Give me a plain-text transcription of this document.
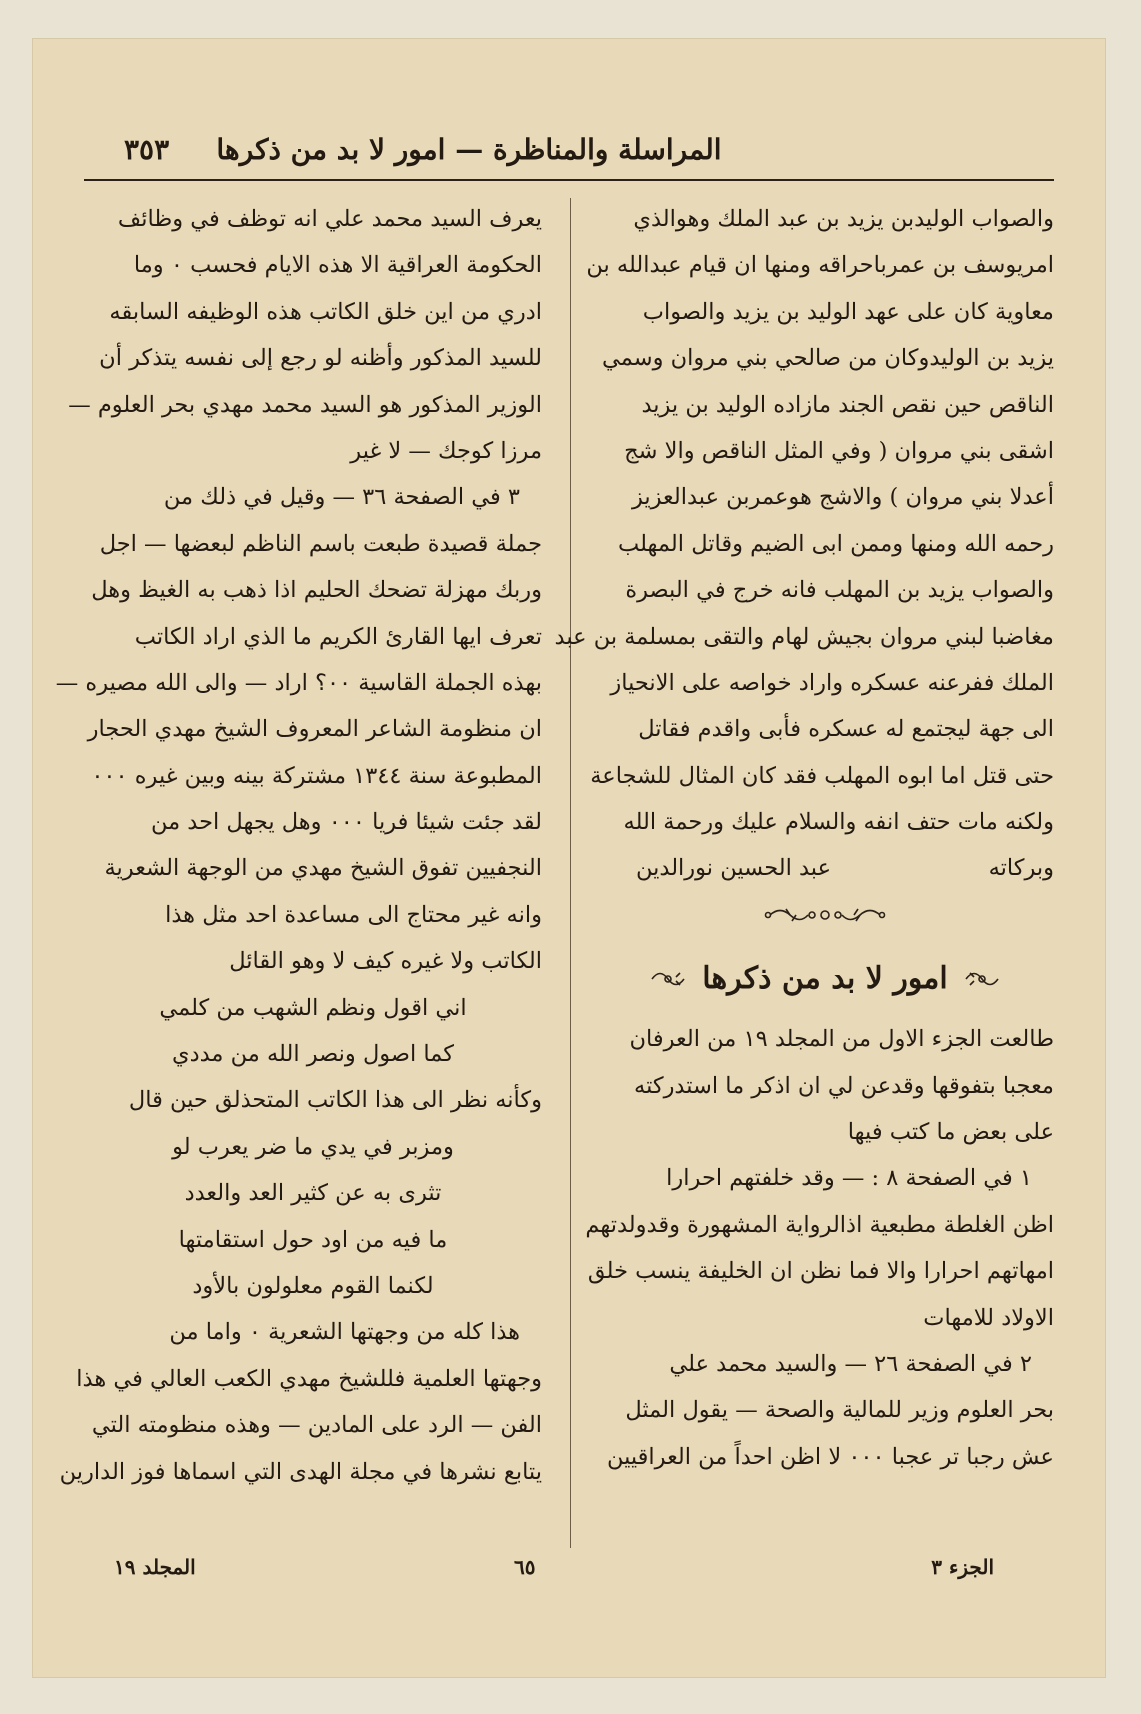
المراسلة والمناظرة — امور لا بد من ذكرها
٣٥٣
والصواب الوليدبن يزيد بن عبد الملك وهوالذي
امريوسف بن عمرباحراقه ومنها ان قيام عبدالله بن
معاوية كان على عهد الوليد بن يزيد والصواب
يزيد بن الوليدوكان من صالحي بني مروان وسمي
الناقص حين نقص الجند مازاده الوليد بن يزيد
اشقى بني مروان ( وفي المثل الناقص والا شج
أعدلا بني مروان ) والاشج هوعمربن عبدالعزيز
رحمه الله ومنها وممن ابى الضيم وقاتل المهلب
والصواب يزيد بن المهلب فانه خرج في البصرة
مغاضبا لبني مروان بجيش لهام والتقى بمسلمة بن عبد
الملك ففرعنه عسكره واراد خواصه على الانحياز
الى جهة ليجتمع له عسكره فأبى واقدم فقاتل
حتى قتل اما ابوه المهلب فقد كان المثال للشجاعة
ولكنه مات حتف انفه والسلام عليك ورحمة الله
وبركاته
عبد الحسين نورالدين
امور لا بد من ذكرها
طالعت الجزء الاول من المجلد ١٩ من العرفان
معجبا بتفوقها وقدعن لي ان اذكر ما استدركته
على بعض ما كتب فيها
١ في الصفحة ٨ : — وقد خلفتهم احرارا
اظن الغلطة مطبعية اذالرواية المشهورة وقدولدتهم
امهاتهم احرارا والا فما نظن ان الخليفة ينسب خلق
الاولاد للامهات
٢ في الصفحة ٢٦ — والسيد محمد علي
بحر العلوم وزير للمالية والصحة — يقول المثل
عش رجبا تر عجبا ٠٠٠ لا اظن احداً من العراقيين
يعرف السيد محمد علي انه توظف في وظائف
الحكومة العراقية الا هذه الايام فحسب ٠ وما
ادري من اين خلق الكاتب هذه الوظيفه السابقه
للسيد المذكور وأظنه لو رجع إلى نفسه يتذكر أن
الوزير المذكور هو السيد محمد مهدي بحر العلوم —
مرزا كوجك — لا غير
٣ في الصفحة ٣٦ — وقيل في ذلك من
جملة قصيدة طبعت باسم الناظم لبعضها — اجل
وربك مهزلة تضحك الحليم اذا ذهب به الغيظ وهل
تعرف ايها القارئ الكريم ما الذي اراد الكاتب
بهذه الجملة القاسية ٠٠؟ اراد — والى الله مصيره —
ان منظومة الشاعر المعروف الشيخ مهدي الحجار
المطبوعة سنة ١٣٤٤ مشتركة بينه وبين غيره ٠٠٠
لقد جئت شيئا فريا ٠٠٠ وهل يجهل احد من
النجفيين تفوق الشيخ مهدي من الوجهة الشعرية
وانه غير محتاج الى مساعدة احد مثل هذا
الكاتب ولا غيره كيف لا وهو القائل
اني اقول ونظم الشهب من كلمي
كما اصول ونصر الله من مددي
وكأنه نظر الى هذا الكاتب المتحذلق حين قال
ومزبر في يدي ما ضر يعرب لو
تثرى به عن كثير العد والعدد
ما فيه من اود حول استقامتها
لكنما القوم معلولون بالأود
هذا كله من وجهتها الشعرية ٠ واما من
وجهتها العلمية فللشيخ مهدي الكعب العالي في هذا
الفن — الرد على المادين — وهذه منظومته التي
يتابع نشرها في مجلة الهدى التي اسماها فوز الدارين
الجزء ٣
٦٥
المجلد ١٩
